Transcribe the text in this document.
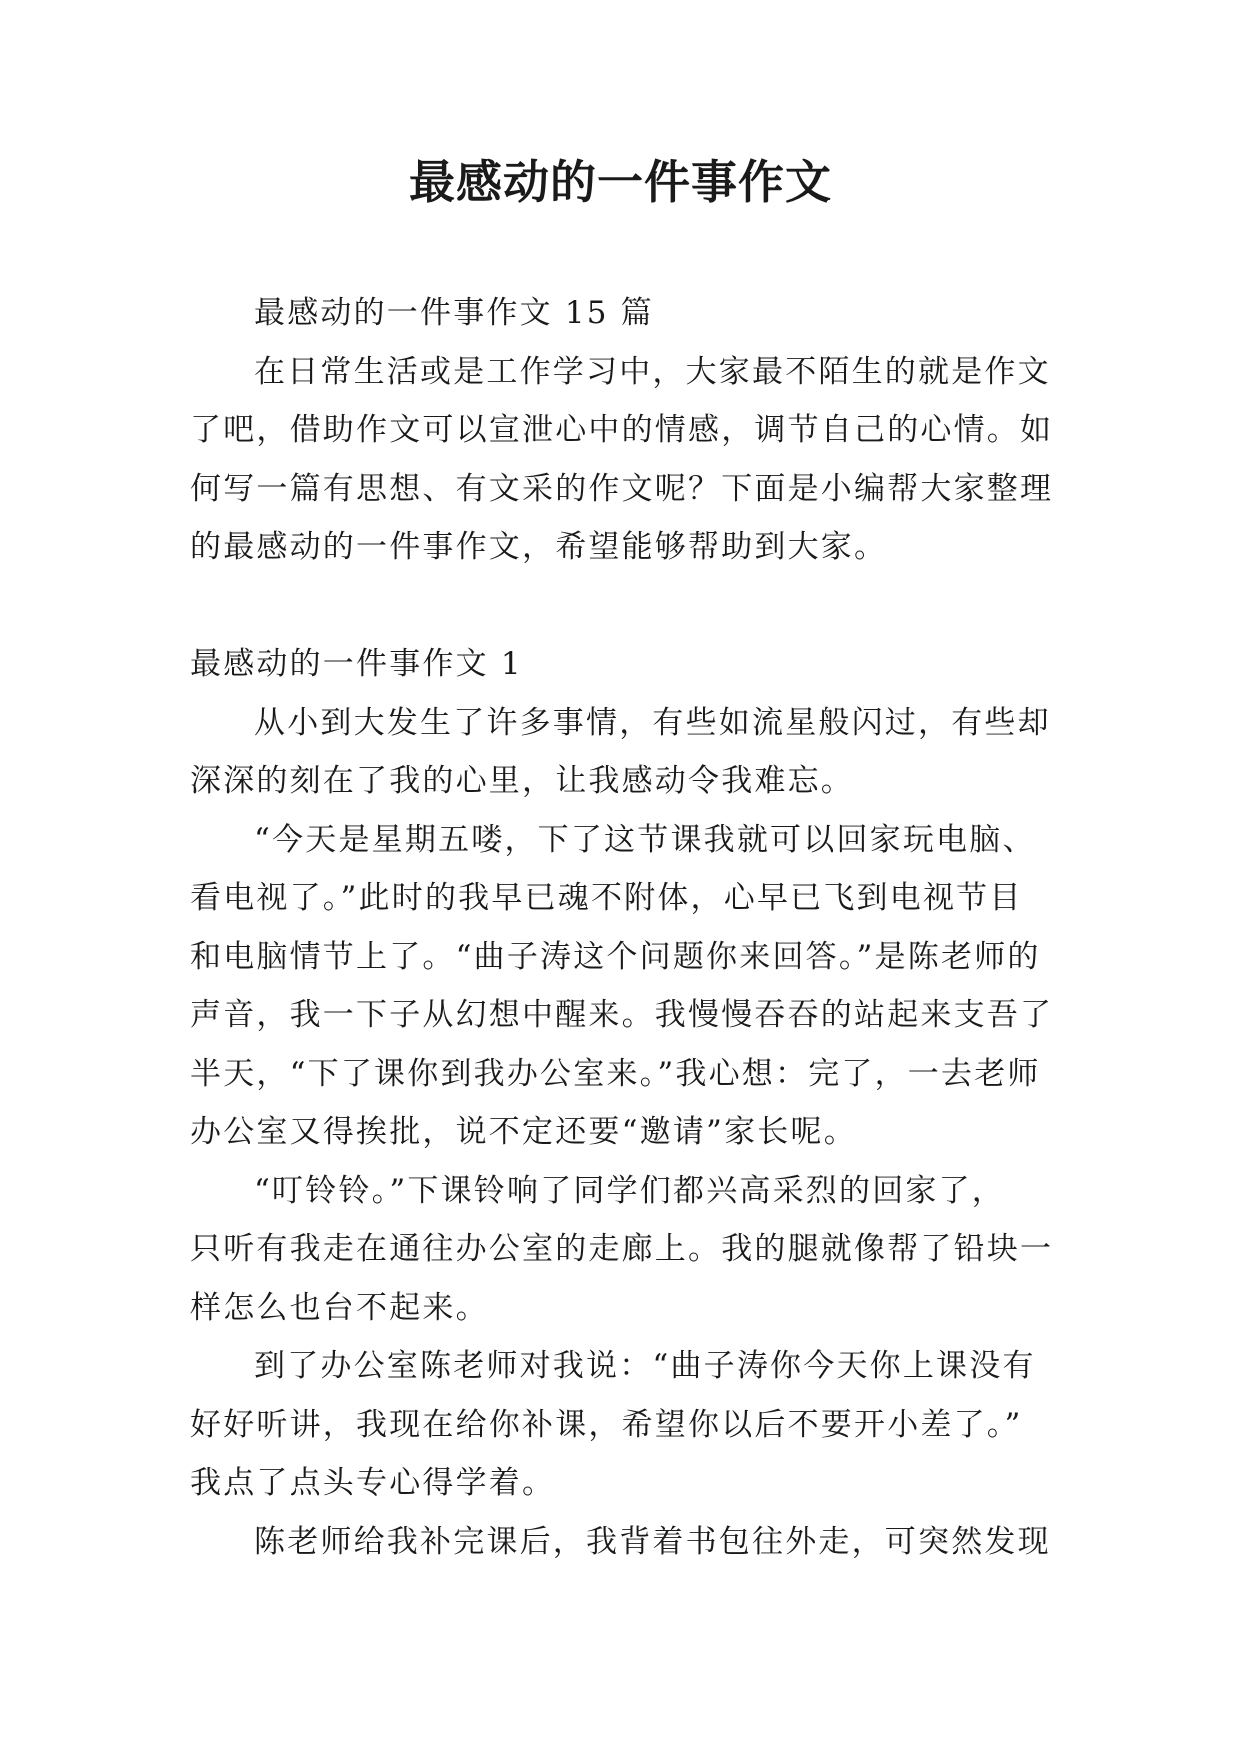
最感动的一件事作文
最感动的一件事作文 15 篇
在日常生活或是工作学习中，大家最不陌生的就是作文
了吧，借助作文可以宣泄心中的情感，调节自己的心情。如
何写一篇有思想、有文采的作文呢？下面是小编帮大家整理
的最感动的一件事作文，希望能够帮助到大家。
最感动的一件事作文 1
从小到大发生了许多事情，有些如流星般闪过，有些却
深深的刻在了我的心里，让我感动令我难忘。
“今天是星期五喽，下了这节课我就可以回家玩电脑、
看电视了。”此时的我早已魂不附体，心早已飞到电视节目
和电脑情节上了。“曲子涛这个问题你来回答。”是陈老师的
声音，我一下子从幻想中醒来。我慢慢吞吞的站起来支吾了
半天，“下了课你到我办公室来。”我心想：完了，一去老师
办公室又得挨批，说不定还要“邀请”家长呢。
“叮铃铃。”下课铃响了同学们都兴高采烈的回家了，
只听有我走在通往办公室的走廊上。我的腿就像帮了铅块一
样怎么也台不起来。
到了办公室陈老师对我说：“曲子涛你今天你上课没有
好好听讲，我现在给你补课，希望你以后不要开小差了。”
我点了点头专心得学着。
陈老师给我补完课后，我背着书包往外走，可突然发现
